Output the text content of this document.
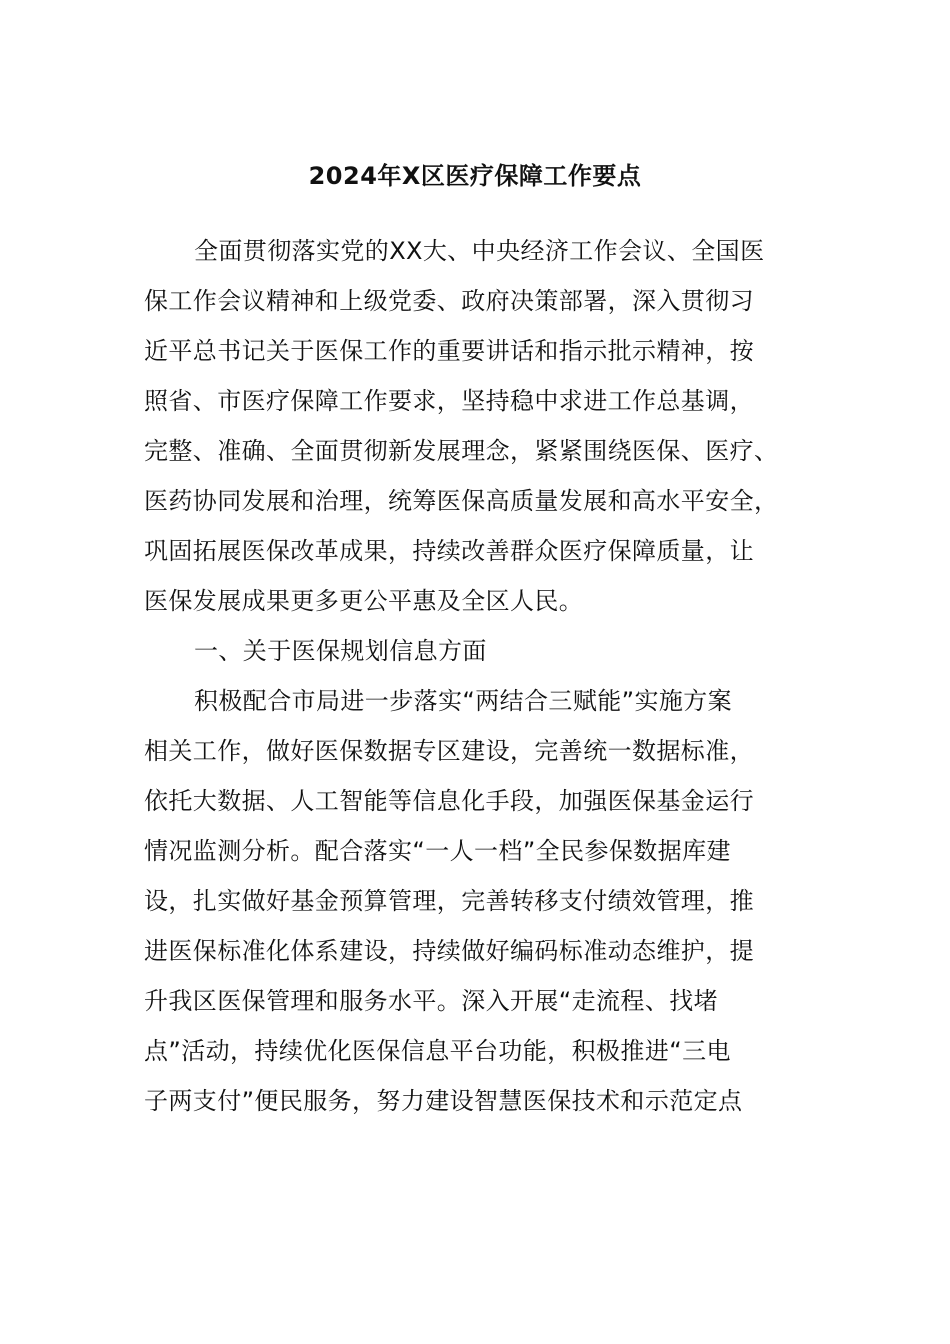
2024年X区医疗保障工作要点
全面贯彻落实党的XX大、中央经济工作会议、全国医
保工作会议精神和上级党委、政府决策部署，深入贯彻习
近平总书记关于医保工作的重要讲话和指示批示精神，按
照省、市医疗保障工作要求，坚持稳中求进工作总基调，
完整、准确、全面贯彻新发展理念，紧紧围绕医保、医疗、
医药协同发展和治理，统筹医保高质量发展和高水平安全，
巩固拓展医保改革成果，持续改善群众医疗保障质量，让
医保发展成果更多更公平惠及全区人民。
一、关于医保规划信息方面
积极配合市局进一步落实“两结合三赋能”实施方案
相关工作，做好医保数据专区建设，完善统一数据标准，
依托大数据、人工智能等信息化手段，加强医保基金运行
情况监测分析。配合落实“一人一档”全民参保数据库建
设，扎实做好基金预算管理，完善转移支付绩效管理，推
进医保标准化体系建设，持续做好编码标准动态维护，提
升我区医保管理和服务水平。深入开展“走流程、找堵
点”活动，持续优化医保信息平台功能，积极推进“三电
子两支付”便民服务，努力建设智慧医保技术和示范定点
